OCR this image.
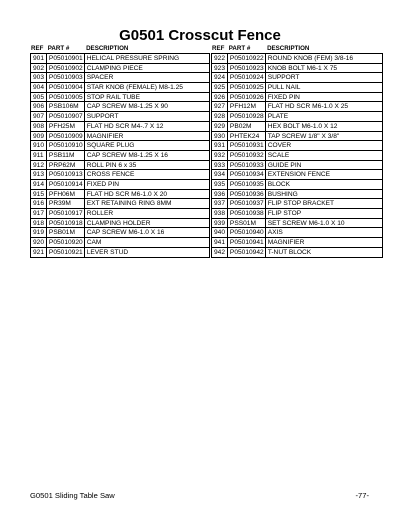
G0501 Crosscut Fence
REF PART #	DESCRIPTION
901 P05010901 HELICAL PRESSURE SPRING
902 P05010902 CLAMPING PIECE
903 P05010903 SPACER
904 P05010904 STAR KNOB (FEMALE) M8-1.25
905 P05010905 STOP RAIL TUBE
906 PSB106M	CAP SCREW M8-1.25 X 90
907 P05010907 SUPPORT
908 PFH25M	FLAT HD SCR M4-.7 X 12
909 P05010909 MAGNIFIER
910 P05010910 SQUARE PLUG
911 PSB11M	CAP SCREW M8-1.25 X 16
912 PRP62M	ROLL PIN 6 x 35
913 P05010913 CROSS FENCE
914 P05010914 FIXED PIN
915 PFH06M	FLAT HD SCR M6-1.0 X 20
916 PR39M	EXT RETAINING RING 8MM
917 P05010917 ROLLER
918 P05010918 CLAMPING HOLDER
919 PSB01M	CAP SCREW M6-1.0 X 16
920 P05010920 CAM
921 P05010921 LEVER STUD
REF PART #	DESCRIPTION
922 P05010922 ROUND KNOB (FEM) 3/8-16
923 P05010923 KNOB BOLT M6-1 X 75
924 P05010924 SUPPORT
925 P05010925 PULL NAIL
926 P05010926 FIXED PIN
927 PFH12M	FLAT HD SCR M6-1.0 X 25
928 P05010928 PLATE
929 PB02M	HEX BOLT M6-1.0 X 12
930 PHTEK24	TAP SCREW 1/8" X 3/8"
931 P05010931 COVER
932 P05010932 SCALE
933 P05010933 GUIDE PIN
934 P05010934 EXTENSION FENCE
935 P05010935 BLOCK
936 P05010936 BUSHING
937 P05010937 FLIP STOP BRACKET
938 P05010938 FLIP STOP
939 PSS01M	SET SCREW M6-1.0 X 10
940 P05010940 AXIS
941 P05010941 MAGNIFIER
942 P05010942 T-NUT BLOCK
G0501 Sliding Table Saw	-77-
